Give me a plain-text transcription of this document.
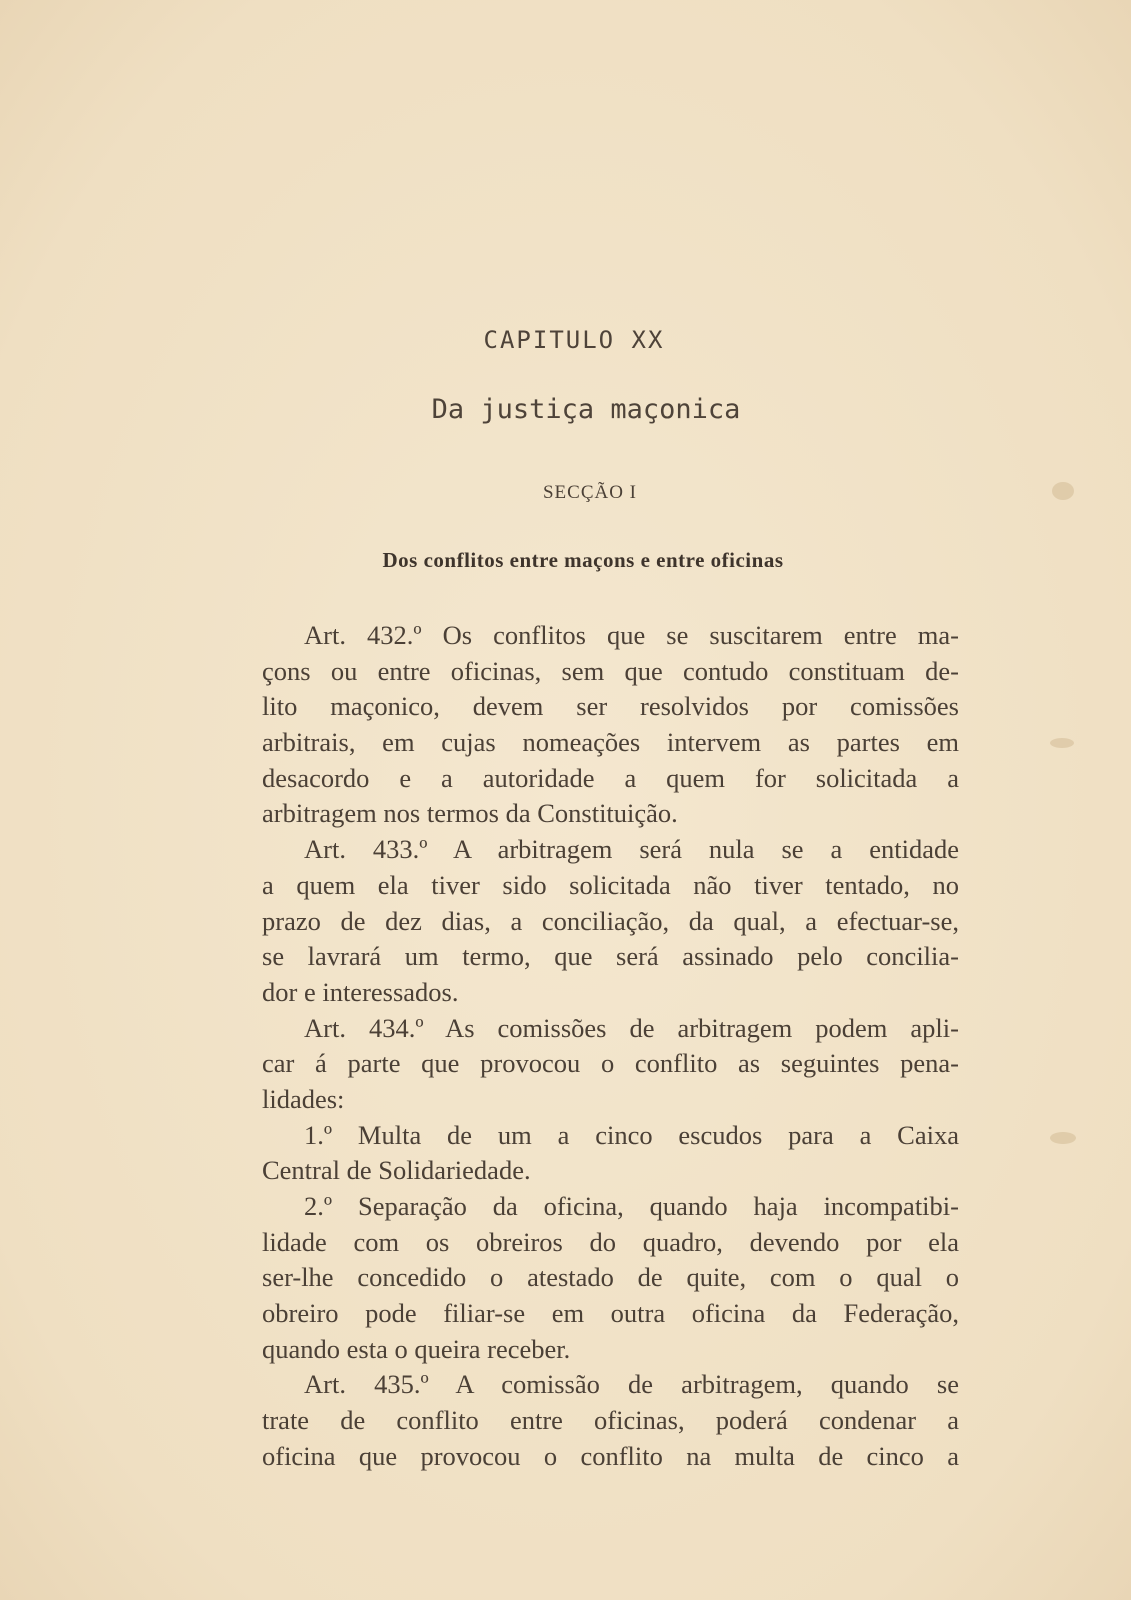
CAPITULO XX
Da justiça maçonica
SECÇÃO I
Dos conflitos entre maçons e entre oficinas
Art. 432.º Os conflitos que se suscitarem entre ma-
çons ou entre oficinas, sem que contudo constituam de-
lito maçonico, devem ser resolvidos por comissões
arbitrais, em cujas nomeações intervem as partes em
desacordo e a autoridade a quem for solicitada a
arbitragem nos termos da Constituição.
Art. 433.º A arbitragem será nula se a entidade
a quem ela tiver sido solicitada não tiver tentado, no
prazo de dez dias, a conciliação, da qual, a efectuar-se,
se lavrará um termo, que será assinado pelo concilia-
dor e interessados.
Art. 434.º As comissões de arbitragem podem apli-
car á parte que provocou o conflito as seguintes pena-
lidades:
1.º Multa de um a cinco escudos para a Caixa
Central de Solidariedade.
2.º Separação da oficina, quando haja incompatibi-
lidade com os obreiros do quadro, devendo por ela
ser-lhe concedido o atestado de quite, com o qual o
obreiro pode filiar-se em outra oficina da Federação,
quando esta o queira receber.
Art. 435.º A comissão de arbitragem, quando se
trate de conflito entre oficinas, poderá condenar a
oficina que provocou o conflito na multa de cinco a
